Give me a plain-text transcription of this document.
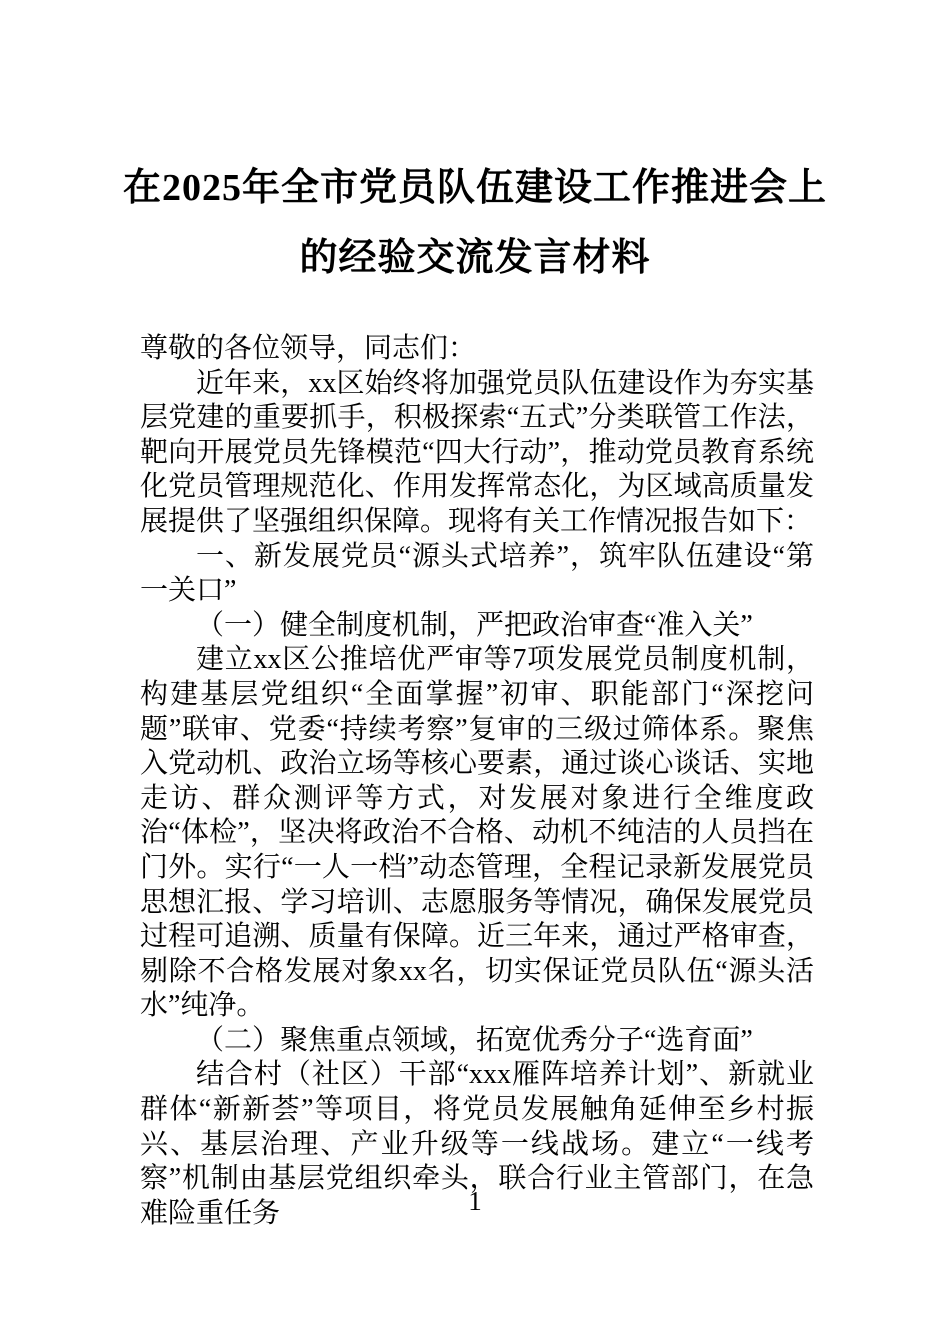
在2025年全市党员队伍建设工作推进会上
的经验交流发言材料

尊敬的各位领导，同志们：

近年来，xx区始终将加强党员队伍建设作为夯实基层党建的重要抓手，积极探索“五式”分类联管工作法，靶向开展党员先锋模范“四大行动”，推动党员教育系统化党员管理规范化、作用发挥常态化，为区域高质量发展提供了坚强组织保障。现将有关工作情况报告如下：

一、新发展党员“源头式培养”，筑牢队伍建设“第一关口”

（一）健全制度机制，严把政治审查“准入关”

建立xx区公推培优严审等7项发展党员制度机制，构建基层党组织“全面掌握”初审、职能部门“深挖问题”联审、党委“持续考察”复审的三级过筛体系。聚焦入党动机、政治立场等核心要素，通过谈心谈话、实地走访、群众测评等方式，对发展对象进行全维度政治“体检”，坚决将政治不合格、动机不纯洁的人员挡在门外。实行“一人一档”动态管理，全程记录新发展党员思想汇报、学习培训、志愿服务等情况，确保发展党员过程可追溯、质量有保障。近三年来，通过严格审查，剔除不合格发展对象xx名，切实保证党员队伍“源头活水”纯净。

（二）聚焦重点领域，拓宽优秀分子“选育面”

结合村（社区）干部“xxx雁阵培养计划”、新就业群体“新新荟”等项目，将党员发展触角延伸至乡村振兴、基层治理、产业升级等一线战场。建立“一线考察”机制由基层党组织牵头，联合行业主管部门，在急难险重任务	1
